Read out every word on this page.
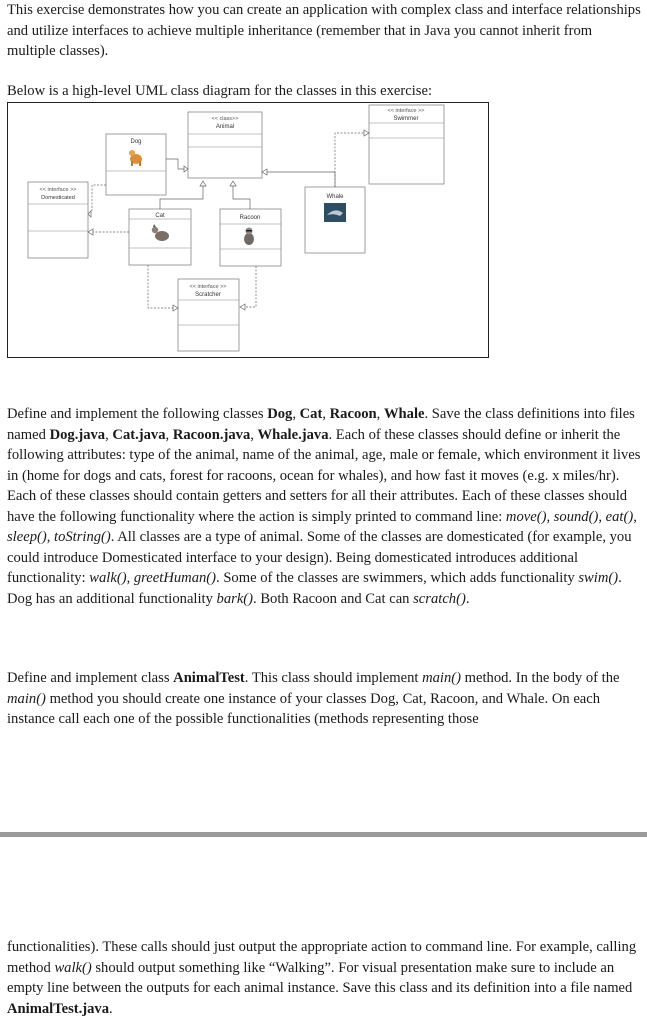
This exercise demonstrates how you can create an application with complex class and interface relationships and utilize interfaces to achieve multiple inheritance (remember that in Java you cannot inherit from multiple classes).

Below is a high-level UML class diagram for the classes in this exercise:

<< class>>
Animal
<< interface >>
Swimmer
Dog
<< interface >>
Domesticated
Cat	Racoon
Whale
<< interface >>
Scratcher

Define and implement the following classes Dog, Cat, Racoon, Whale. Save the class definitions into files named Dog.java, Cat.java, Racoon.java, Whale.java. Each of these classes should define or inherit the following attributes: type of the animal, name of the animal, age, male or female, which environment it lives in (home for dogs and cats, forest for racoons, ocean for whales), and how fast it moves (e.g. x miles/hr). Each of these classes should contain getters and setters for all their attributes. Each of these classes should have the following functionality where the action is simply printed to command line: move(), sound(), eat(), sleep(), toString(). All classes are a type of animal. Some of the classes are domesticated (for example, you could introduce Domesticated interface to your design). Being domesticated introduces additional functionality: walk(), greetHuman(). Some of the classes are swimmers, which adds functionality swim(). Dog has an additional functionality bark(). Both Racoon and Cat can scratch().

Define and implement class AnimalTest. This class should implement main() method. In the body of the main() method you should create one instance of your classes Dog, Cat, Racoon, and Whale. On each instance call each one of the possible functionalities (methods representing those

functionalities). These calls should just output the appropriate action to command line. For example, calling method walk() should output something like “Walking”. For visual presentation make sure to include an empty line between the outputs for each animal instance. Save this class and its definition into a file named AnimalTest.java.
